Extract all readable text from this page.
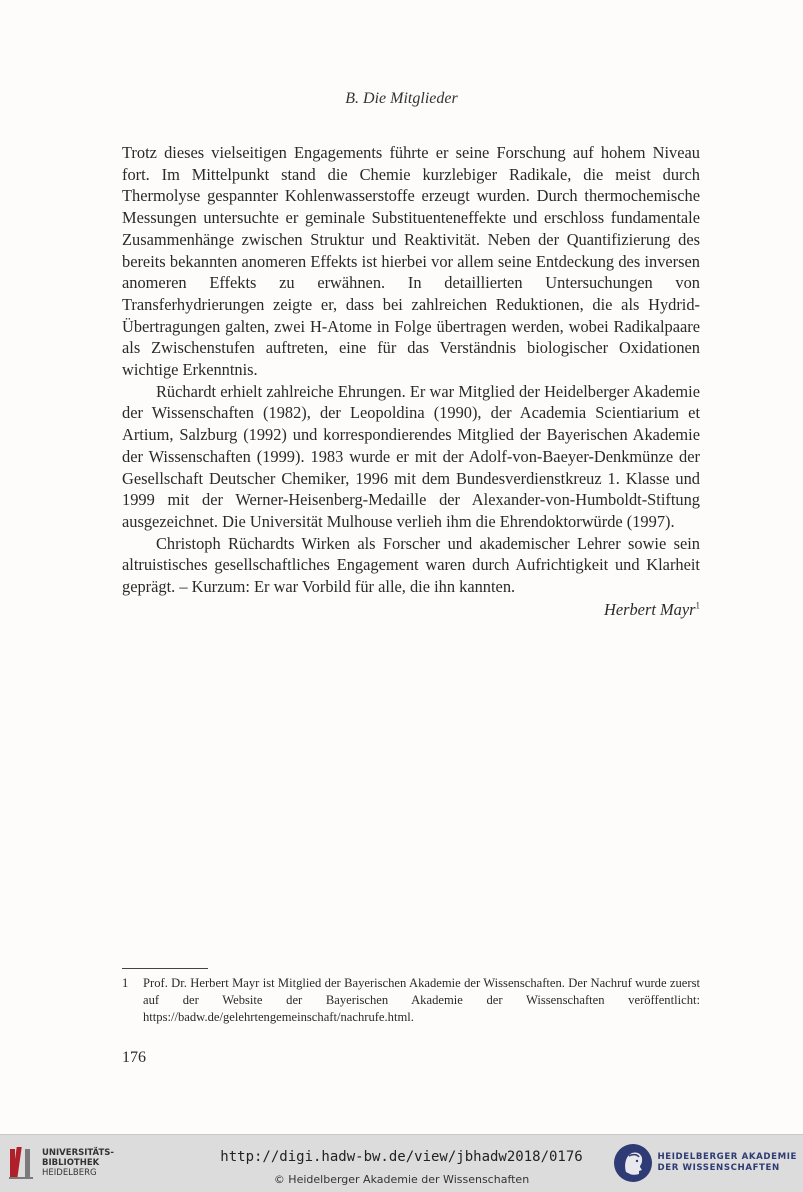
B. Die Mitglieder

Trotz dieses vielseitigen Engagements führte er seine Forschung auf hohem Niveau fort. Im Mittelpunkt stand die Chemie kurzlebiger Radikale, die meist durch Thermolyse gespannter Kohlenwasserstoffe erzeugt wurden. Durch thermochemische Messungen untersuchte er geminale Substituenteneffekte und erschloss fundamentale Zusammenhänge zwischen Struktur und Reaktivität. Neben der Quantifizierung des bereits bekannten anomeren Effekts ist hierbei vor allem seine Entdeckung des inversen anomeren Effekts zu erwähnen. In detaillierten Untersuchungen von Transferhydrierungen zeigte er, dass bei zahlreichen Reduktionen, die als Hydrid-Übertragungen galten, zwei H-Atome in Folge übertragen werden, wobei Radikalpaare als Zwischenstufen auftreten, eine für das Verständnis biologischer Oxidationen wichtige Erkenntnis.

Rüchardt erhielt zahlreiche Ehrungen. Er war Mitglied der Heidelberger Akademie der Wissenschaften (1982), der Leopoldina (1990), der Academia Scientiarium et Artium, Salzburg (1992) und korrespondierendes Mitglied der Bayerischen Akademie der Wissenschaften (1999). 1983 wurde er mit der Adolf-von-Baeyer-Denkmünze der Gesellschaft Deutscher Chemiker, 1996 mit dem Bundesverdienstkreuz 1. Klasse und 1999 mit der Werner-Heisenberg-Medaille der Alexander-von-Humboldt-Stiftung ausgezeichnet. Die Universität Mulhouse verlieh ihm die Ehrendoktorwürde (1997).

Christoph Rüchardts Wirken als Forscher und akademischer Lehrer sowie sein altruistisches gesellschaftliches Engagement waren durch Aufrichtigkeit und Klarheit geprägt. – Kurzum: Er war Vorbild für alle, die ihn kannten.

Herbert Mayr$^1$
1	Prof. Dr. Herbert Mayr ist Mitglied der Bayerischen Akademie der Wissenschaften. Der Nachruf wurde zuerst auf der Website der Bayerischen Akademie der Wissenschaften veröffentlicht: https://badw.de/gelehrtengemeinschaft/nachrufe.html.
176
UNIVERSITÄTS-
BIBLIOTHEK
HEIDELBERG
http://digi.hadw-bw.de/view/jbhadw2018/0176
© Heidelberger Akademie der Wissenschaften
HEIDELBERGER AKADEMIE
DER WISSENSCHAFTEN
